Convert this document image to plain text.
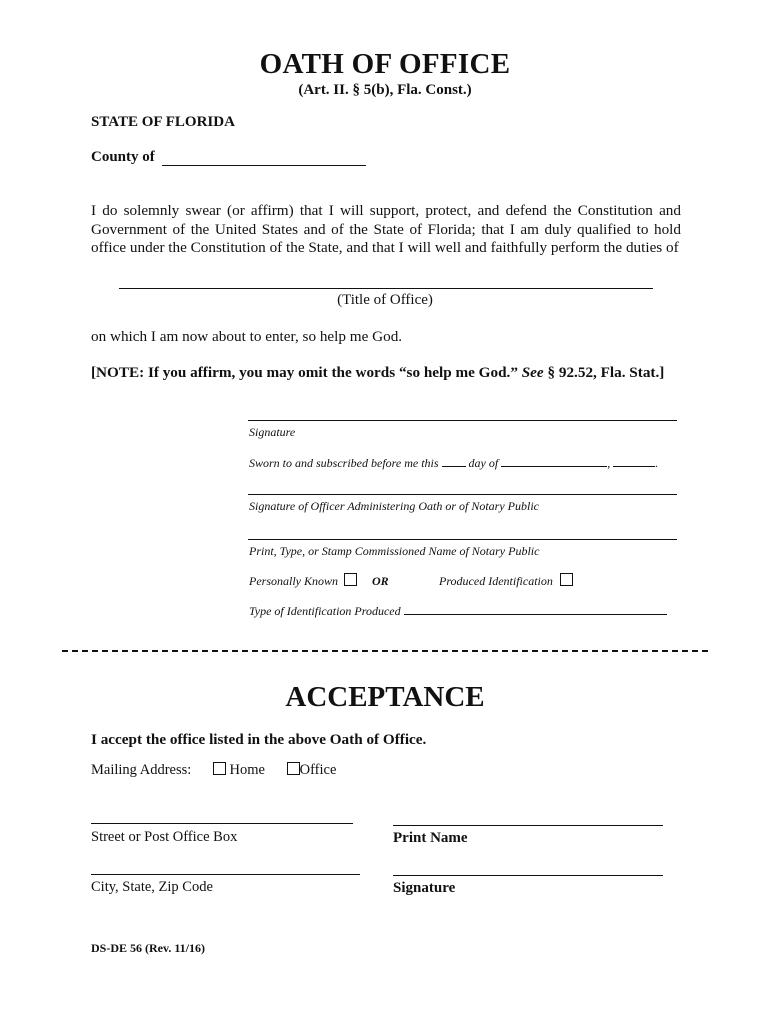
OATH OF OFFICE
(Art. II. § 5(b), Fla. Const.)
STATE OF FLORIDA
County of
I do solemnly swear (or affirm) that I will support, protect, and defend the Constitution and Government of the United States and of the State of Florida; that I am duly qualified to hold office under the Constitution of the State, and that I will well and faithfully perform the duties of
(Title of Office)
on which I am now about to enter, so help me God.
[NOTE: If you affirm, you may omit the words “so help me God.” See § 92.52, Fla. Stat.]
Signature
Sworn to and subscribed before me this	day of	,	.
Signature of Officer Administering Oath or of Notary Public
Print, Type, or Stamp Commissioned Name of Notary Public
Personally Known	OR	Produced Identification
Type of Identification Produced
ACCEPTANCE
I accept the office listed in the above Oath of Office.
Mailing Address:	Home Office
Street or Post Office Box	Print Name
City, State, Zip Code	Signature
DS-DE 56 (Rev. 11/16)
